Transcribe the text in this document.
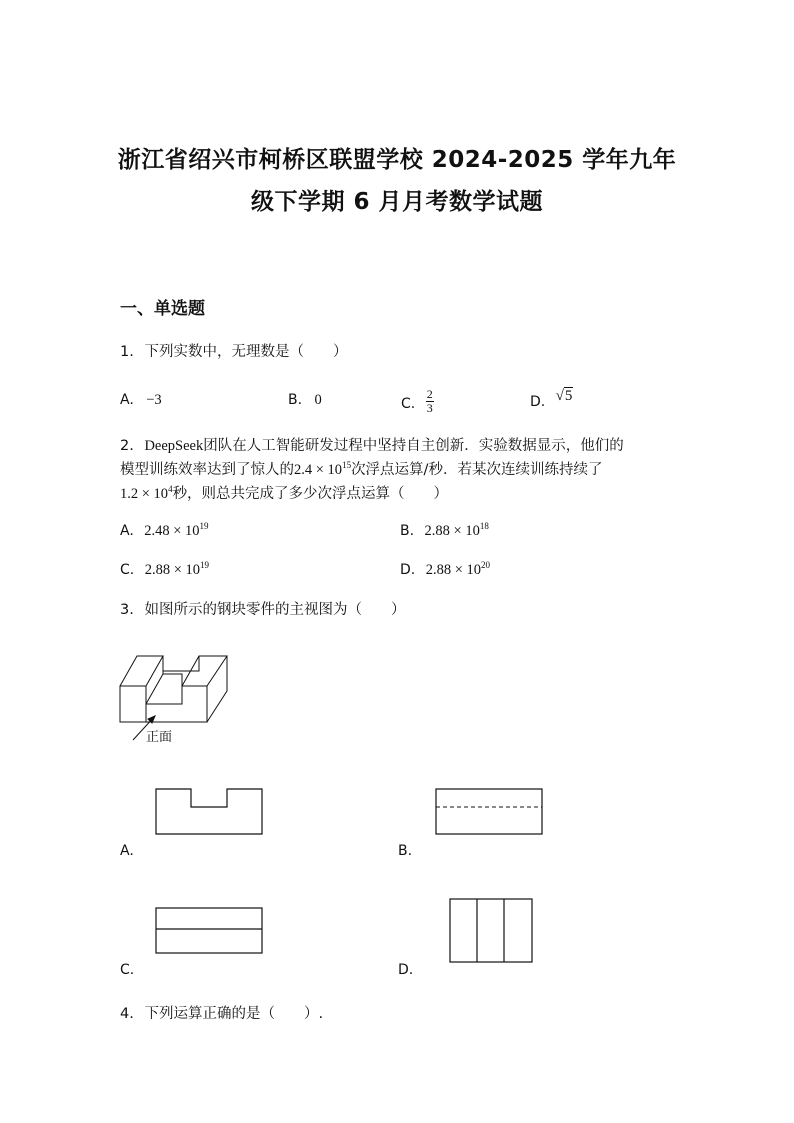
浙江省绍兴市柯桥区联盟学校 2024-2025 学年九年
级下学期 6 月月考数学试题
一、单选题
1. 下列实数中，无理数是（　　）
A. −3	B. 0	C. $\frac{2}{3}$	D. √5
2. DeepSeek团队在人工智能研发过程中坚持自主创新．实验数据显示，他们的
模型训练效率达到了惊人的$2.4 \times 10^{15}$次浮点运算/秒．若某次连续训练持续了
$1.2 \times 10^4$秒，则总共完成了多少次浮点运算（　　）
A. $2.48 \times 10^{19}$	B. $2.88 \times 10^{18}$
C. $2.88 \times 10^{19}$	D. $2.88 \times 10^{20}$
3. 如图所示的钢块零件的主视图为（　　）
正面
A.	B.
C.	D.
4. 下列运算正确的是（　　）.
